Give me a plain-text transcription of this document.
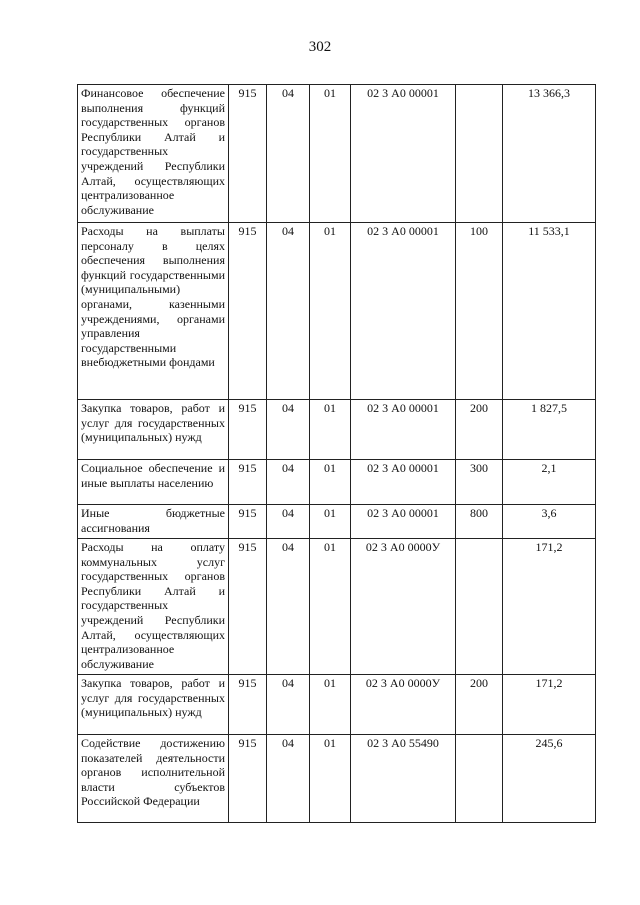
302
Финансовое обеспечение выполнения функций государственных органов Республики Алтай и государственных учреждений Республики Алтай, осуществляющих централизованное обслуживание	915	04	01	02 3 А0 00001		13 366,3
Расходы на выплаты персоналу в целях обеспечения выполнения функций государственными (муниципальными) органами, казенными учреждениями, органами управления государственными внебюджетными фондами	915	04	01	02 3 А0 00001	100	11 533,1
Закупка товаров, работ и услуг для государственных (муниципальных) нужд	915	04	01	02 3 А0 00001	200	1 827,5
Социальное обеспечение и иные выплаты населению	915	04	01	02 3 А0 00001	300	2,1
Иные бюджетные ассигнования	915	04	01	02 3 А0 00001	800	3,6
Расходы на оплату коммунальных услуг государственных органов Республики Алтай и государственных учреждений Республики Алтай, осуществляющих централизованное обслуживание	915	04	01	02 3 А0 0000У		171,2
Закупка товаров, работ и услуг для государственных (муниципальных) нужд	915	04	01	02 3 А0 0000У	200	171,2
Содействие достижению показателей деятельности органов исполнительной власти субъектов Российской Федерации	915	04	01	02 3 А0 55490		245,6
